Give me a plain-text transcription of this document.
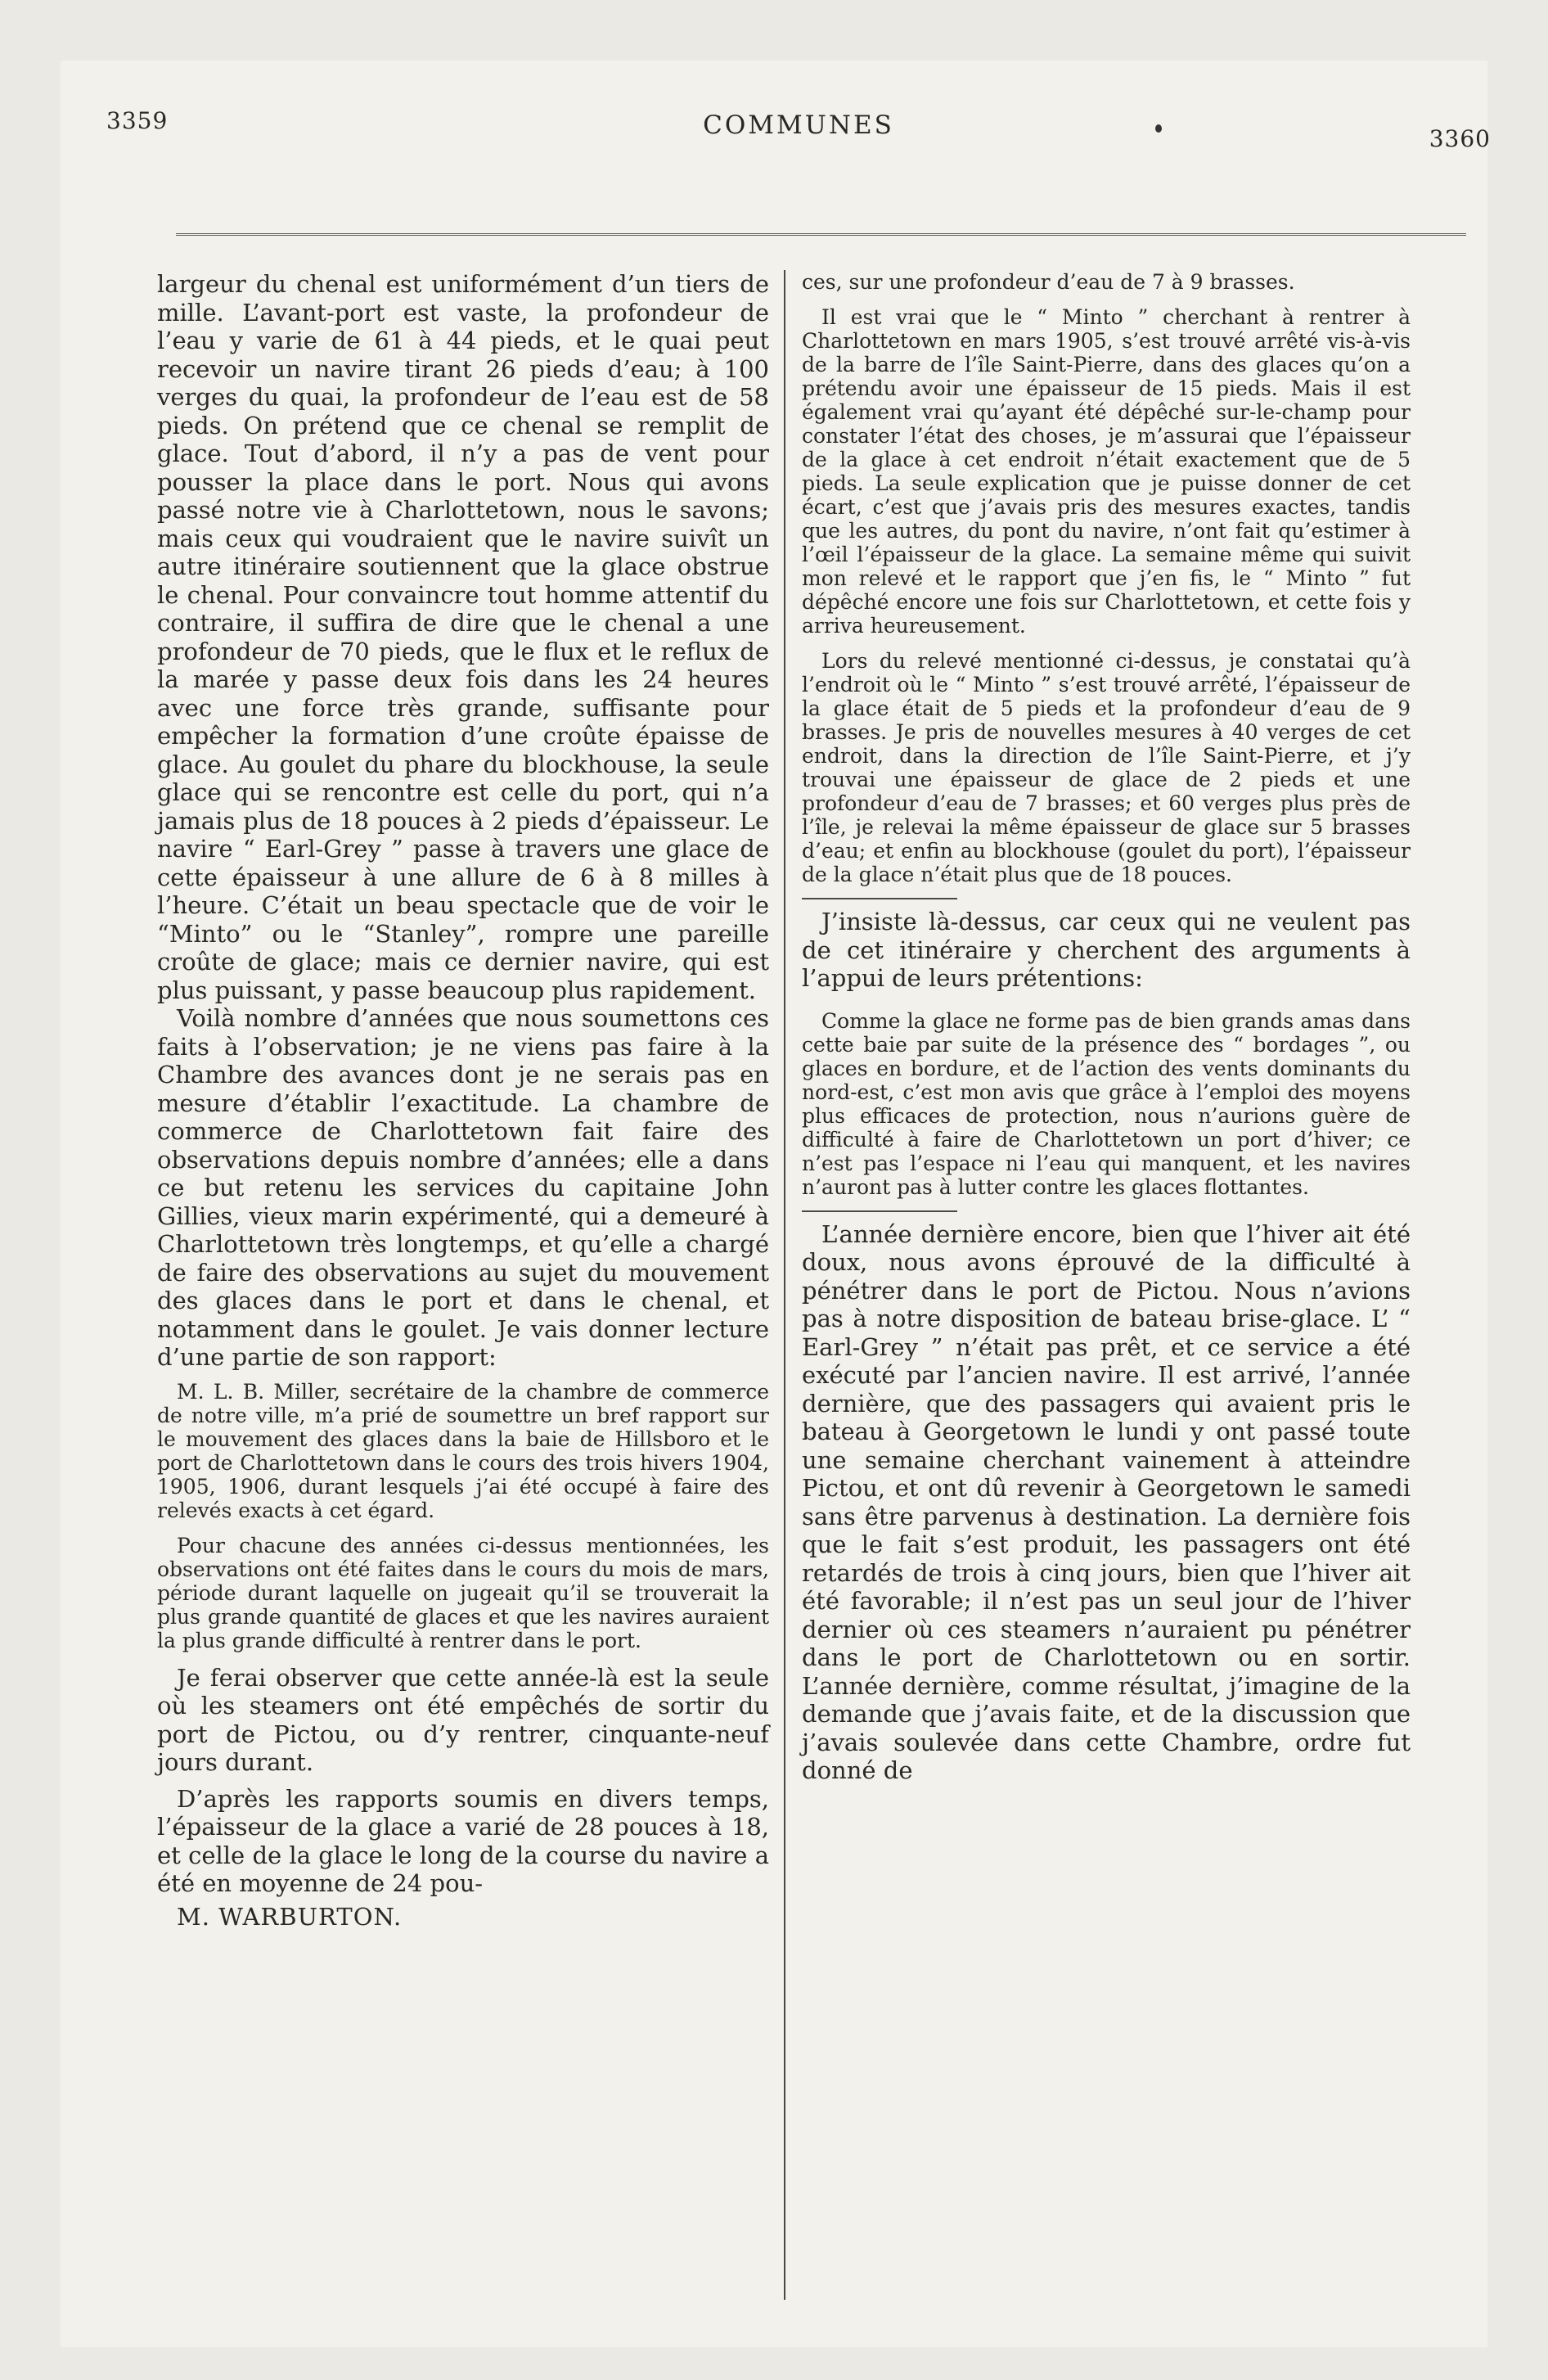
3359	COMMUNES	3360

largeur du chenal est uniformément d’un tiers de mille. L’avant-port est vaste, la profondeur de l’eau y varie de 61 à 44 pieds, et le quai peut recevoir un navire tirant 26 pieds d’eau; à 100 verges du quai, la profondeur de l’eau est de 58 pieds. On prétend que ce chenal se remplit de glace. Tout d’abord, il n’y a pas de vent pour pousser la place dans le port. Nous qui avons passé notre vie à Charlottetown, nous le savons; mais ceux qui voudraient que le navire suivît un autre itinéraire soutiennent que la glace obstrue le chenal. Pour convaincre tout homme attentif du contraire, il suffira de dire que le chenal a une profondeur de 70 pieds, que le flux et le reflux de la marée y passe deux fois dans les 24 heures avec une force très grande, suffisante pour empêcher la formation d’une croûte épaisse de glace. Au goulet du phare du blockhouse, la seule glace qui se rencontre est celle du port, qui n’a jamais plus de 18 pouces à 2 pieds d’épaisseur. Le navire “ Earl-Grey ” passe à travers une glace de cette épaisseur à une allure de 6 à 8 milles à l’heure. C’était un beau spectacle que de voir le “Minto” ou le “Stanley”, rompre une pareille croûte de glace; mais ce dernier navire, qui est plus puissant, y passe beaucoup plus rapidement.

Voilà nombre d’années que nous soumettons ces faits à l’observation; je ne viens pas faire à la Chambre des avances dont je ne serais pas en mesure d’établir l’exactitude. La chambre de commerce de Charlottetown fait faire des observations depuis nombre d’années; elle a dans ce but retenu les services du capitaine John Gillies, vieux marin expérimenté, qui a demeuré à Charlottetown très longtemps, et qu’elle a chargé de faire des observations au sujet du mouvement des glaces dans le port et dans le chenal, et notamment dans le goulet. Je vais donner lecture d’une partie de son rapport:

M. L. B. Miller, secrétaire de la chambre de commerce de notre ville, m’a prié de soumettre un bref rapport sur le mouvement des glaces dans la baie de Hillsboro et le port de Charlottetown dans le cours des trois hivers 1904, 1905, 1906, durant lesquels j’ai été occupé à faire des relevés exacts à cet égard.

Pour chacune des années ci-dessus mentionnées, les observations ont été faites dans le cours du mois de mars, période durant laquelle on jugeait qu’il se trouverait la plus grande quantité de glaces et que les navires auraient la plus grande difficulté à rentrer dans le port.

Je ferai observer que cette année-là est la seule où les steamers ont été empêchés de sortir du port de Pictou, ou d’y rentrer, cinquante-neuf jours durant.

D’après les rapports soumis en divers temps, l’épaisseur de la glace a varié de 28 pouces à 18, et celle de la glace le long de la course du navire a été en moyenne de 24 pou-

M. WARBURTON.

ces, sur une profondeur d’eau de 7 à 9 brasses.

Il est vrai que le “ Minto ” cherchant à rentrer à Charlottetown en mars 1905, s’est trouvé arrêté vis-à-vis de la barre de l’île Saint-Pierre, dans des glaces qu’on a prétendu avoir une épaisseur de 15 pieds. Mais il est également vrai qu’ayant été dépêché sur-le-champ pour constater l’état des choses, je m’assurai que l’épaisseur de la glace à cet endroit n’était exactement que de 5 pieds. La seule explication que je puisse donner de cet écart, c’est que j’avais pris des mesures exactes, tandis que les autres, du pont du navire, n’ont fait qu’estimer à l’œil l’épaisseur de la glace. La semaine même qui suivit mon relevé et le rapport que j’en fis, le “ Minto ” fut dépêché encore une fois sur Charlottetown, et cette fois y arriva heureusement.

Lors du relevé mentionné ci-dessus, je constatai qu’à l’endroit où le “ Minto ” s’est trouvé arrêté, l’épaisseur de la glace était de 5 pieds et la profondeur d’eau de 9 brasses. Je pris de nouvelles mesures à 40 verges de cet endroit, dans la direction de l’île Saint-Pierre, et j’y trouvai une épaisseur de glace de 2 pieds et une profondeur d’eau de 7 brasses; et 60 verges plus près de l’île, je relevai la même épaisseur de glace sur 5 brasses d’eau; et enfin au blockhouse (goulet du port), l’épaisseur de la glace n’était plus que de 18 pouces.

J’insiste là-dessus, car ceux qui ne veulent pas de cet itinéraire y cherchent des arguments à l’appui de leurs prétentions:

Comme la glace ne forme pas de bien grands amas dans cette baie par suite de la présence des “ bordages ”, ou glaces en bordure, et de l’action des vents dominants du nord-est, c’est mon avis que grâce à l’emploi des moyens plus efficaces de protection, nous n’aurions guère de difficulté à faire de Charlottetown un port d’hiver; ce n’est pas l’espace ni l’eau qui manquent, et les navires n’auront pas à lutter contre les glaces flottantes.

L’année dernière encore, bien que l’hiver ait été doux, nous avons éprouvé de la difficulté à pénétrer dans le port de Pictou. Nous n’avions pas à notre disposition de bateau brise-glace. L’ “ Earl-Grey ” n’était pas prêt, et ce service a été exécuté par l’ancien navire. Il est arrivé, l’année dernière, que des passagers qui avaient pris le bateau à Georgetown le lundi y ont passé toute une semaine cherchant vainement à atteindre Pictou, et ont dû revenir à Georgetown le samedi sans être parvenus à destination. La dernière fois que le fait s’est produit, les passagers ont été retardés de trois à cinq jours, bien que l’hiver ait été favorable; il n’est pas un seul jour de l’hiver dernier où ces steamers n’auraient pu pénétrer dans le port de Charlottetown ou en sortir. L’année dernière, comme résultat, j’imagine de la demande que j’avais faite, et de la discussion que j’avais soulevée dans cette Chambre, ordre fut donné de
